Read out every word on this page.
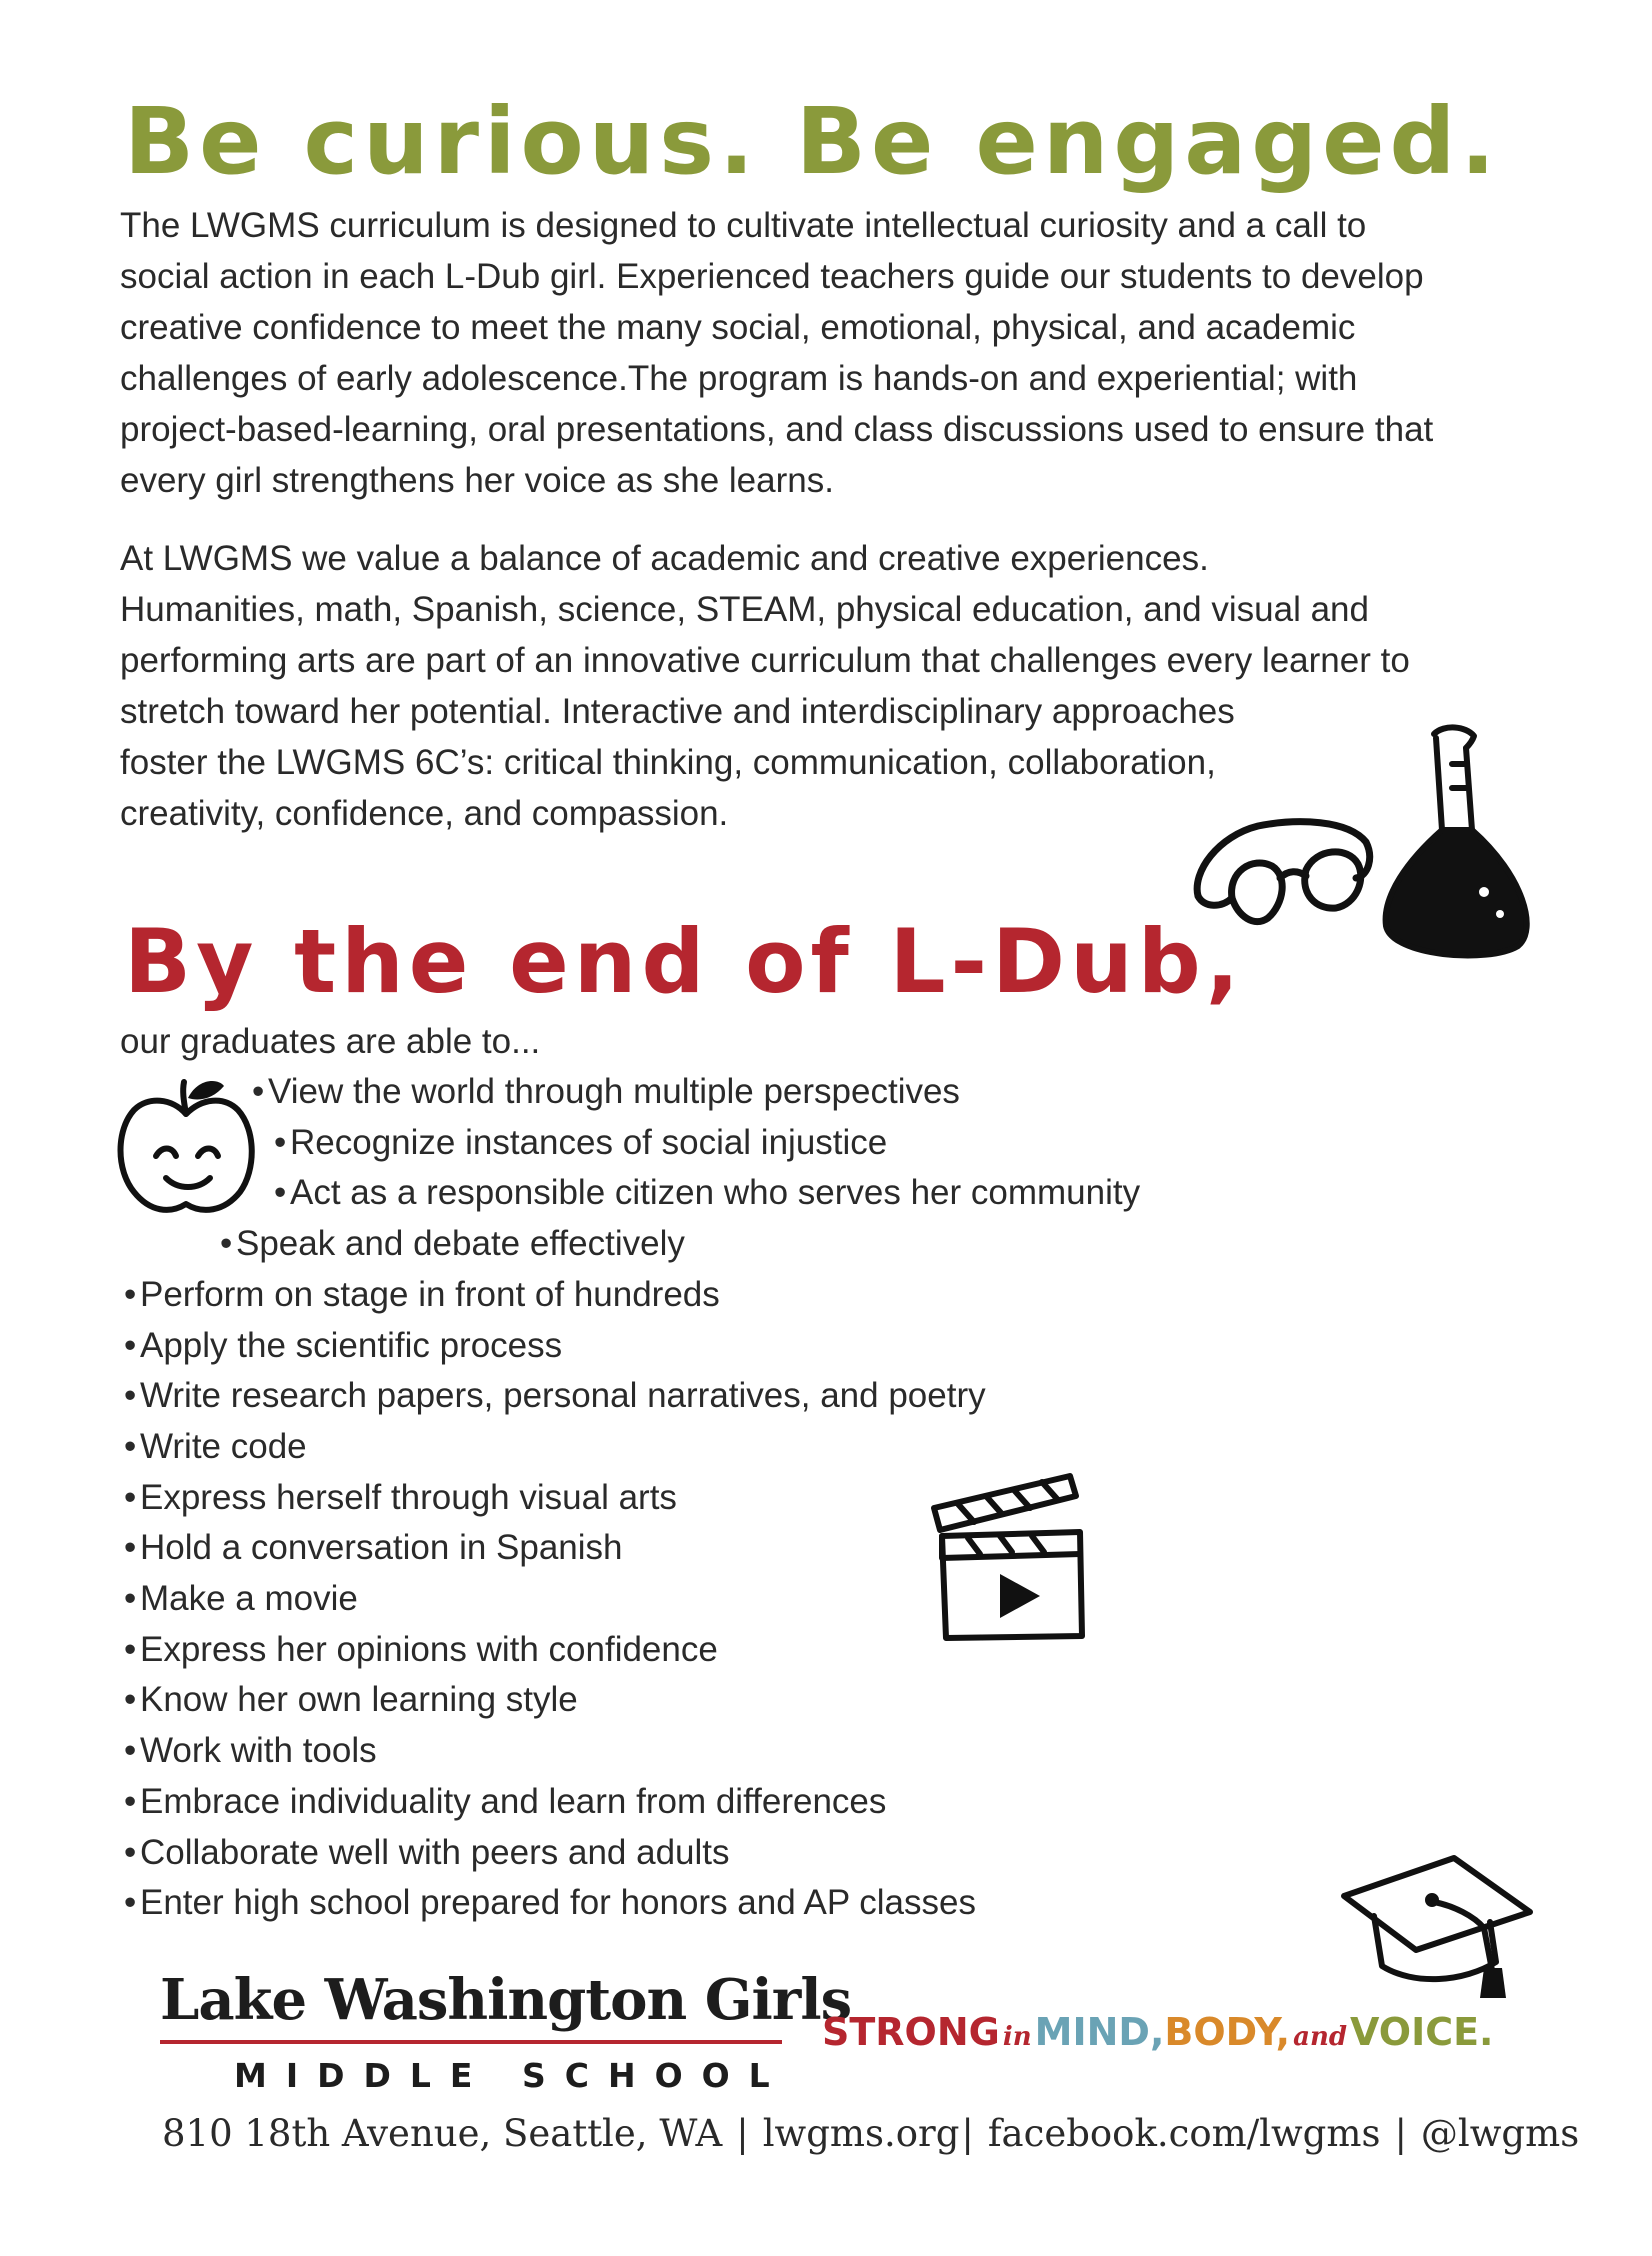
Be curious. Be engaged.
The LWGMS curriculum is designed to cultivate intellectual curiosity and a call to
social action in each L-Dub girl. Experienced teachers guide our students to develop
creative confidence to meet the many social, emotional, physical, and academic
challenges of early adolescence.The program is hands-on and experiential; with
project-based-learning, oral presentations, and class discussions used to ensure that
every girl strengthens her voice as she learns.
At LWGMS we value a balance of academic and creative experiences.
Humanities, math, Spanish, science, STEAM, physical education, and visual and
performing arts are part of an innovative curriculum that challenges every learner to
stretch toward her potential. Interactive and interdisciplinary approaches
foster the LWGMS 6C’s: critical thinking, communication, collaboration,
creativity, confidence, and compassion.
By the end of L-Dub,

our graduates are able to...

• View the world through multiple perspectives
• Recognize instances of social injustice
• Act as a responsible citizen who serves her community
• Speak and debate effectively
• Perform on stage in front of hundreds
• Apply the scientific process
• Write research papers, personal narratives, and poetry
• Write code
• Express herself through visual arts
• Hold a conversation in Spanish
• Make a movie
• Express her opinions with confidence
• Know her own learning style
• Work with tools
• Embrace individuality and learn from differences
• Collaborate well with peers and adults
• Enter high school prepared for honors and AP classes
Lake Washington Girls
MIDDLE SCHOOL
STRONG inMIND,BODY, andVOICE.
810 18th Avenue, Seattle, WA | lwgms.org| facebook.com/lwgms | @lwgms
